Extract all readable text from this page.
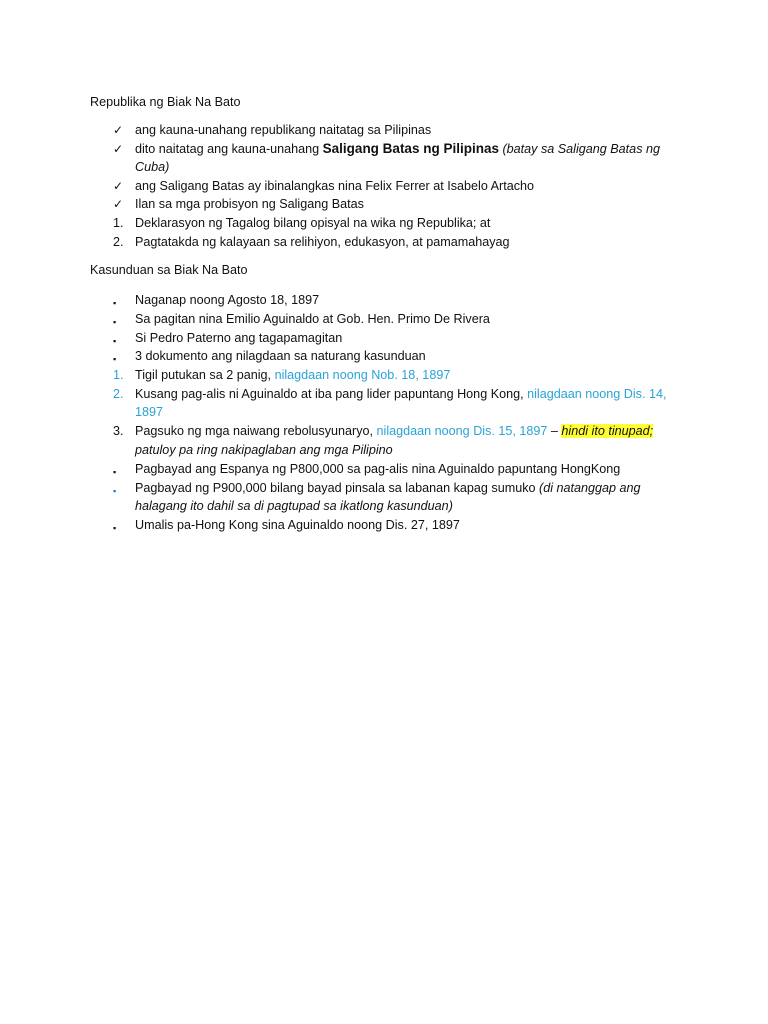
Republika ng Biak Na Bato
✓ ang kauna-unahang republikang naitatag sa Pilipinas
✓ dito naitatag ang kauna-unahang Saligang Batas ng Pilipinas (batay sa Saligang Batas ng
Cuba)
✓ ang Saligang Batas ay ibinalangkas nina Felix Ferrer at Isabelo Artacho
✓ Ilan sa mga probisyon ng Saligang Batas
1. Deklarasyon ng Tagalog bilang opisyal na wika ng Republika; at
2. Pagtatakda ng kalayaan sa relihiyon, edukasyon, at pamamahayag
Kasunduan sa Biak Na Bato
▪	Naganap noong Agosto 18, 1897
▪	Sa pagitan nina Emilio Aguinaldo at Gob. Hen. Primo De Rivera
▪	Si Pedro Paterno ang tagapamagitan
▪	3 dokumento ang nilagdaan sa naturang kasunduan
1. Tigil putukan sa 2 panig, nilagdaan noong Nob. 18, 1897
2. Kusang pag-alis ni Aguinaldo at iba pang lider papuntang Hong Kong, nilagdaan noong Dis. 14,
1897
3. Pagsuko ng mga naiwang rebolusyunaryo, nilagdaan noong Dis. 15, 1897 – hindi ito tinupad;
patuloy pa ring nakipaglaban ang mga Pilipino
▪	Pagbayad ang Espanya ng P800,000 sa pag-alis nina Aguinaldo papuntang HongKong
▪	Pagbayad ng P900,000 bilang bayad pinsala sa labanan kapag sumuko (di natanggap ang
halagang ito dahil sa di pagtupad sa ikatlong kasunduan)
▪	Umalis pa-Hong Kong sina Aguinaldo noong Dis. 27, 1897
